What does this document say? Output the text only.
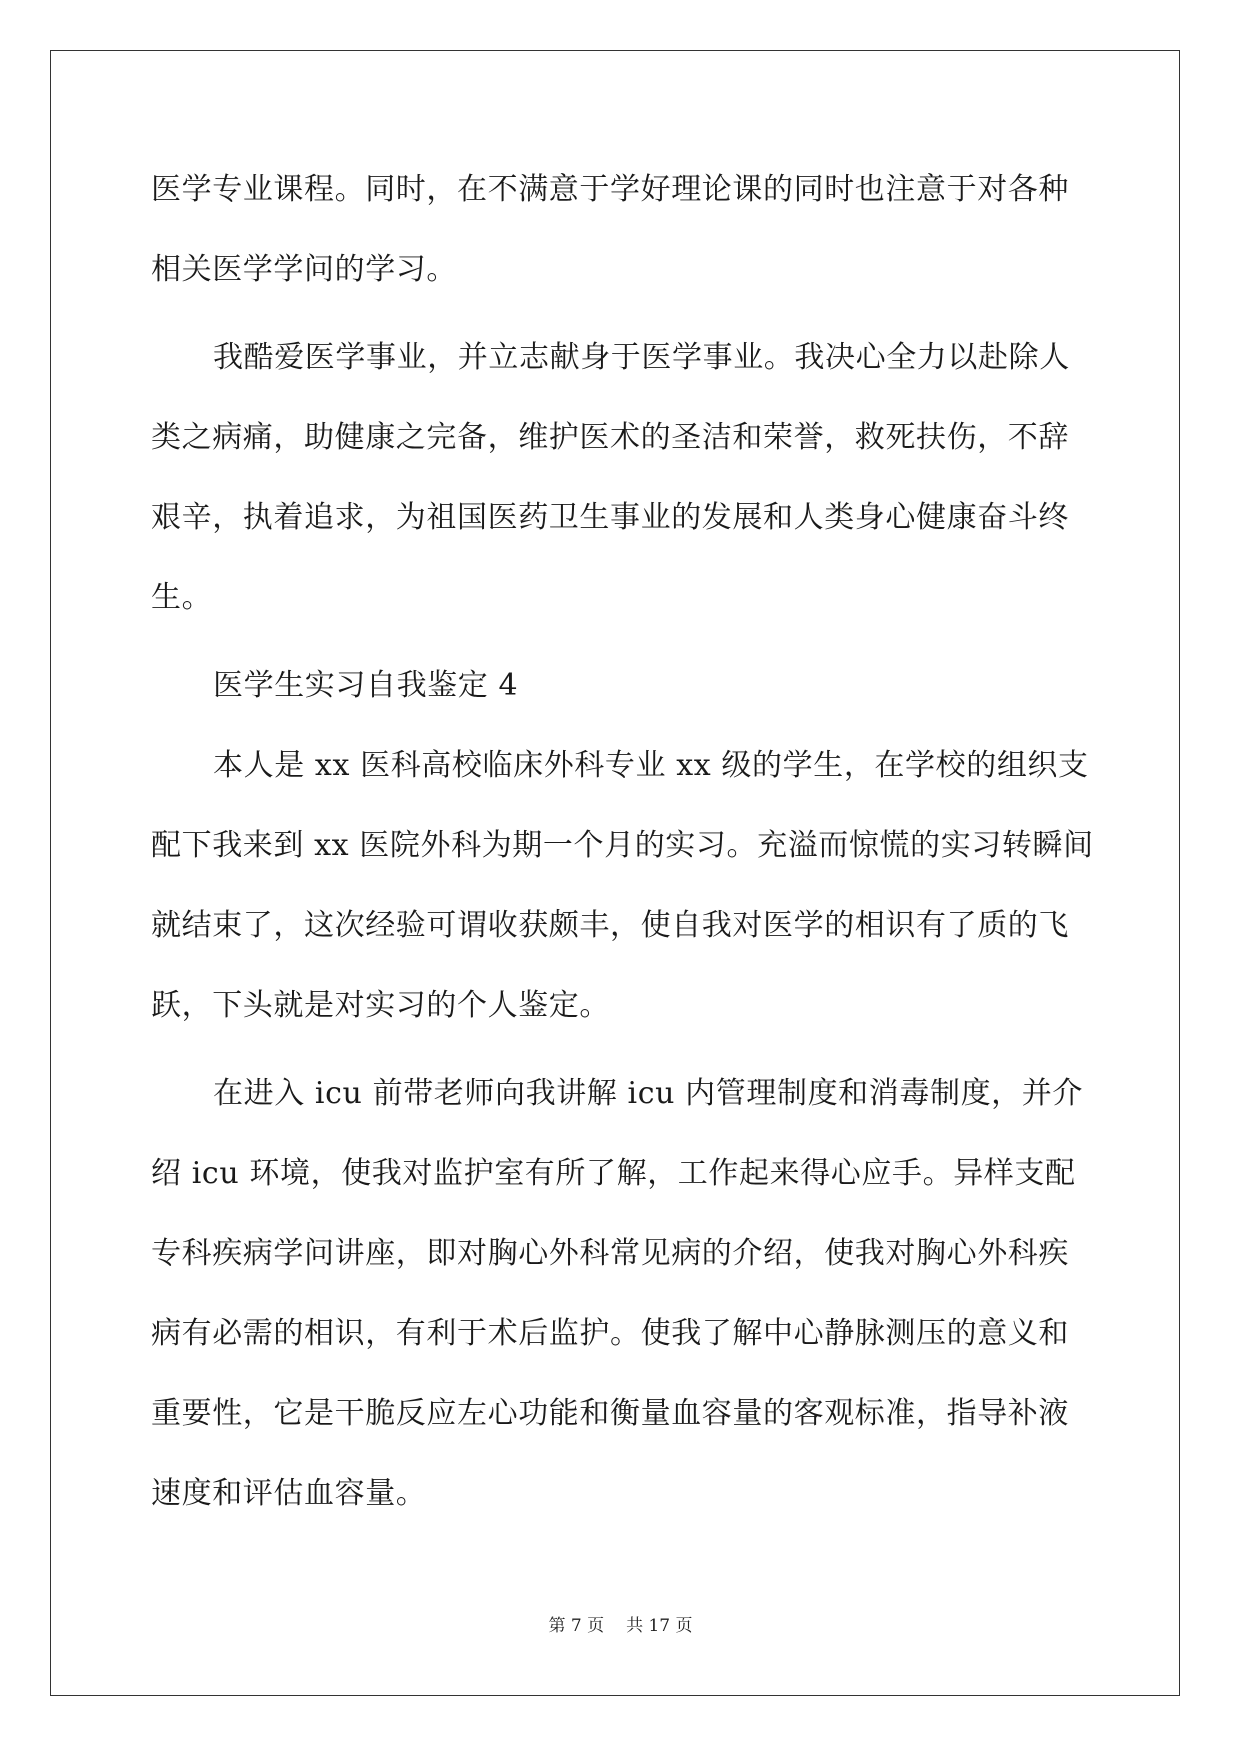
医学专业课程。同时，在不满意于学好理论课的同时也注意于对各种
相关医学学问的学习。
我酷爱医学事业，并立志献身于医学事业。我决心全力以赴除人
类之病痛，助健康之完备，维护医术的圣洁和荣誉，救死扶伤，不辞
艰辛，执着追求，为祖国医药卫生事业的发展和人类身心健康奋斗终
生。
医学生实习自我鉴定 4
本人是 xx 医科高校临床外科专业 xx 级的学生，在学校的组织支
配下我来到 xx 医院外科为期一个月的实习。充溢而惊慌的实习转瞬间
就结束了，这次经验可谓收获颇丰，使自我对医学的相识有了质的飞
跃，下头就是对实习的个人鉴定。
在进入 icu 前带老师向我讲解 icu 内管理制度和消毒制度，并介
绍 icu 环境，使我对监护室有所了解，工作起来得心应手。异样支配
专科疾病学问讲座，即对胸心外科常见病的介绍，使我对胸心外科疾
病有必需的相识，有利于术后监护。使我了解中心静脉测压的意义和
重要性，它是干脆反应左心功能和衡量血容量的客观标准，指导补液
速度和评估血容量。
第 7 页 共 17 页
